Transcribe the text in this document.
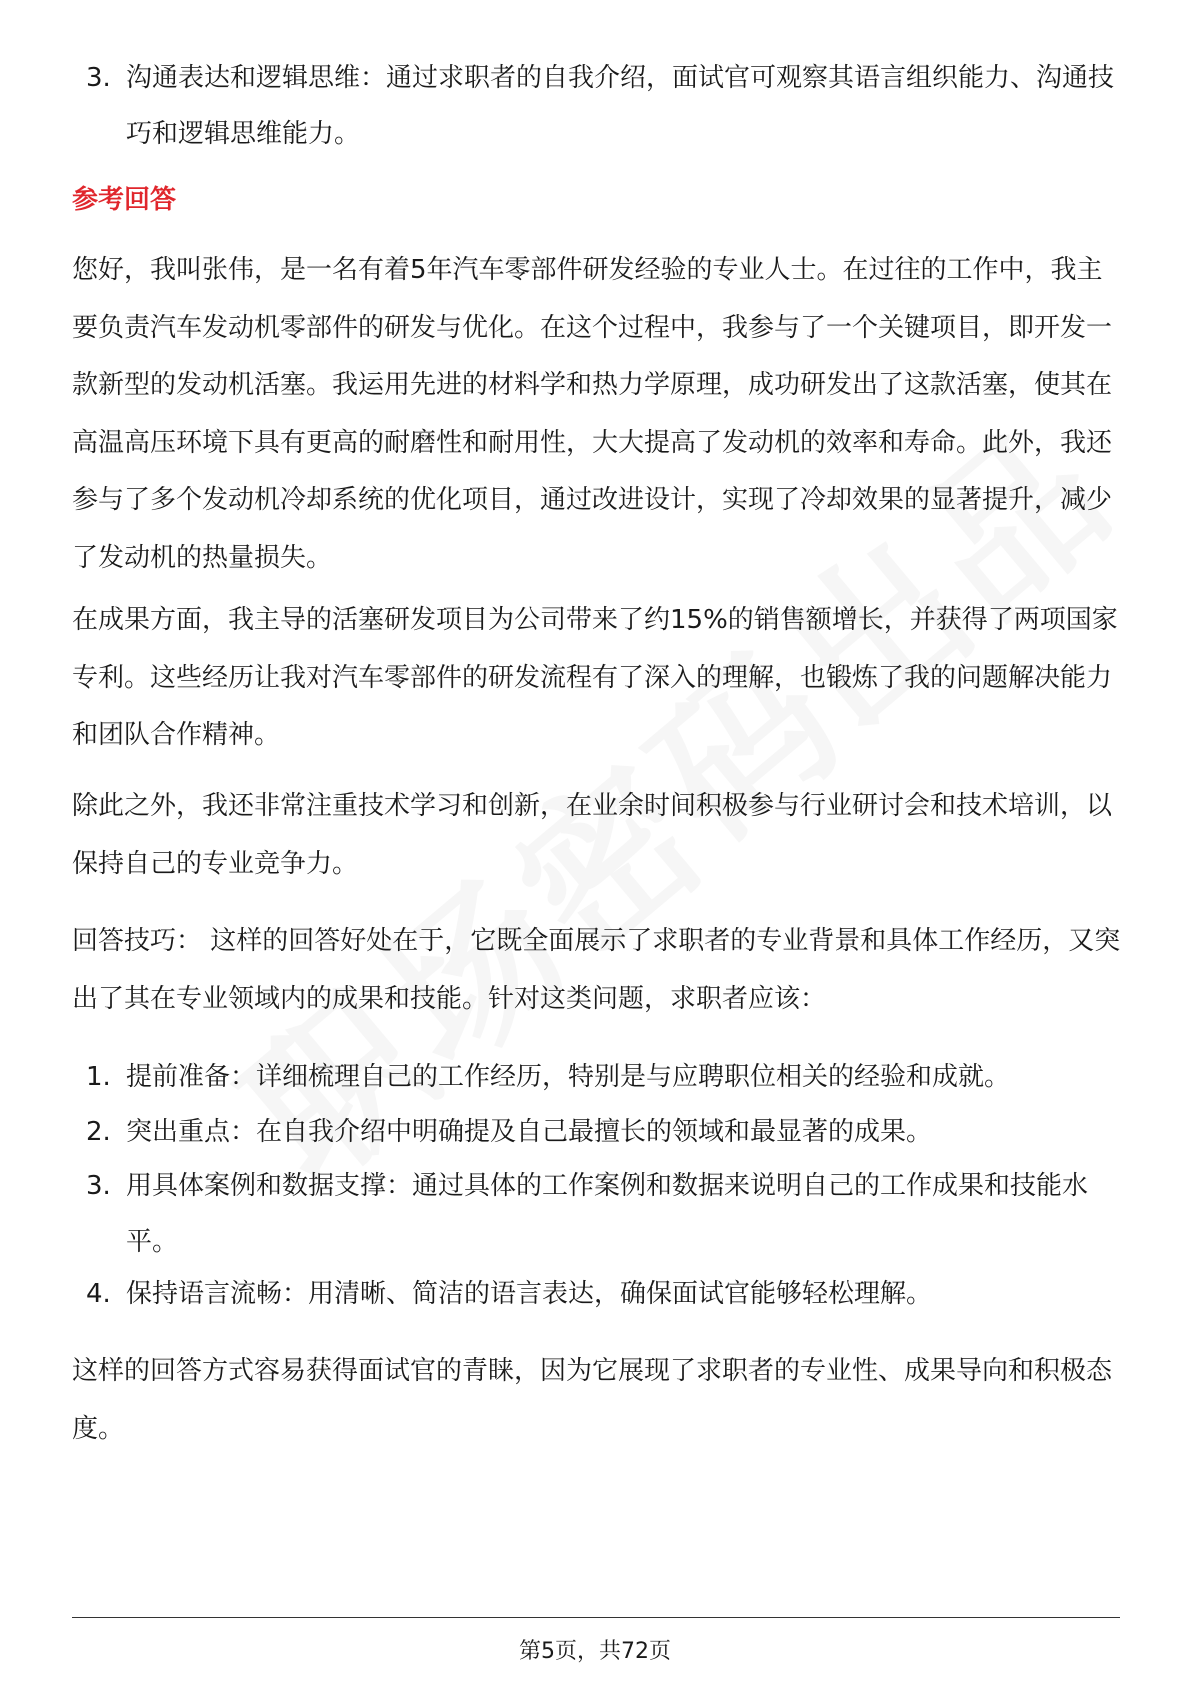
3. 沟通表达和逻辑思维：通过求职者的自我介绍，面试官可观察其语言组织能力、沟通技巧和逻辑思维能力。
参考回答

您好，我叫张伟，是一名有着5年汽车零部件研发经验的专业人士。在过往的工作中，我主要负责汽车发动机零部件的研发与优化。在这个过程中，我参与了一个关键项目，即开发一款新型的发动机活塞。我运用先进的材料学和热力学原理，成功研发出了这款活塞，使其在高温高压环境下具有更高的耐磨性和耐用性，大大提高了发动机的效率和寿命。此外，我还参与了多个发动机冷却系统的优化项目，通过改进设计，实现了冷却效果的显著提升，减少了发动机的热量损失。

在成果方面，我主导的活塞研发项目为公司带来了约15%的销售额增长，并获得了两项国家专利。这些经历让我对汽车零部件的研发流程有了深入的理解，也锻炼了我的问题解决能力和团队合作精神。

除此之外，我还非常注重技术学习和创新，在业余时间积极参与行业研讨会和技术培训，以保持自己的专业竞争力。

回答技巧： 这样的回答好处在于，它既全面展示了求职者的专业背景和具体工作经历，又突出了其在专业领域内的成果和技能。针对这类问题，求职者应该：

1. 提前准备：详细梳理自己的工作经历，特别是与应聘职位相关的经验和成就。
2. 突出重点：在自我介绍中明确提及自己最擅长的领域和最显著的成果。
3. 用具体案例和数据支撑：通过具体的工作案例和数据来说明自己的工作成果和技能水平。
4. 保持语言流畅：用清晰、简洁的语言表达，确保面试官能够轻松理解。

这样的回答方式容易获得面试官的青睐，因为它展现了求职者的专业性、成果导向和积极态度。

第5页，共72页
